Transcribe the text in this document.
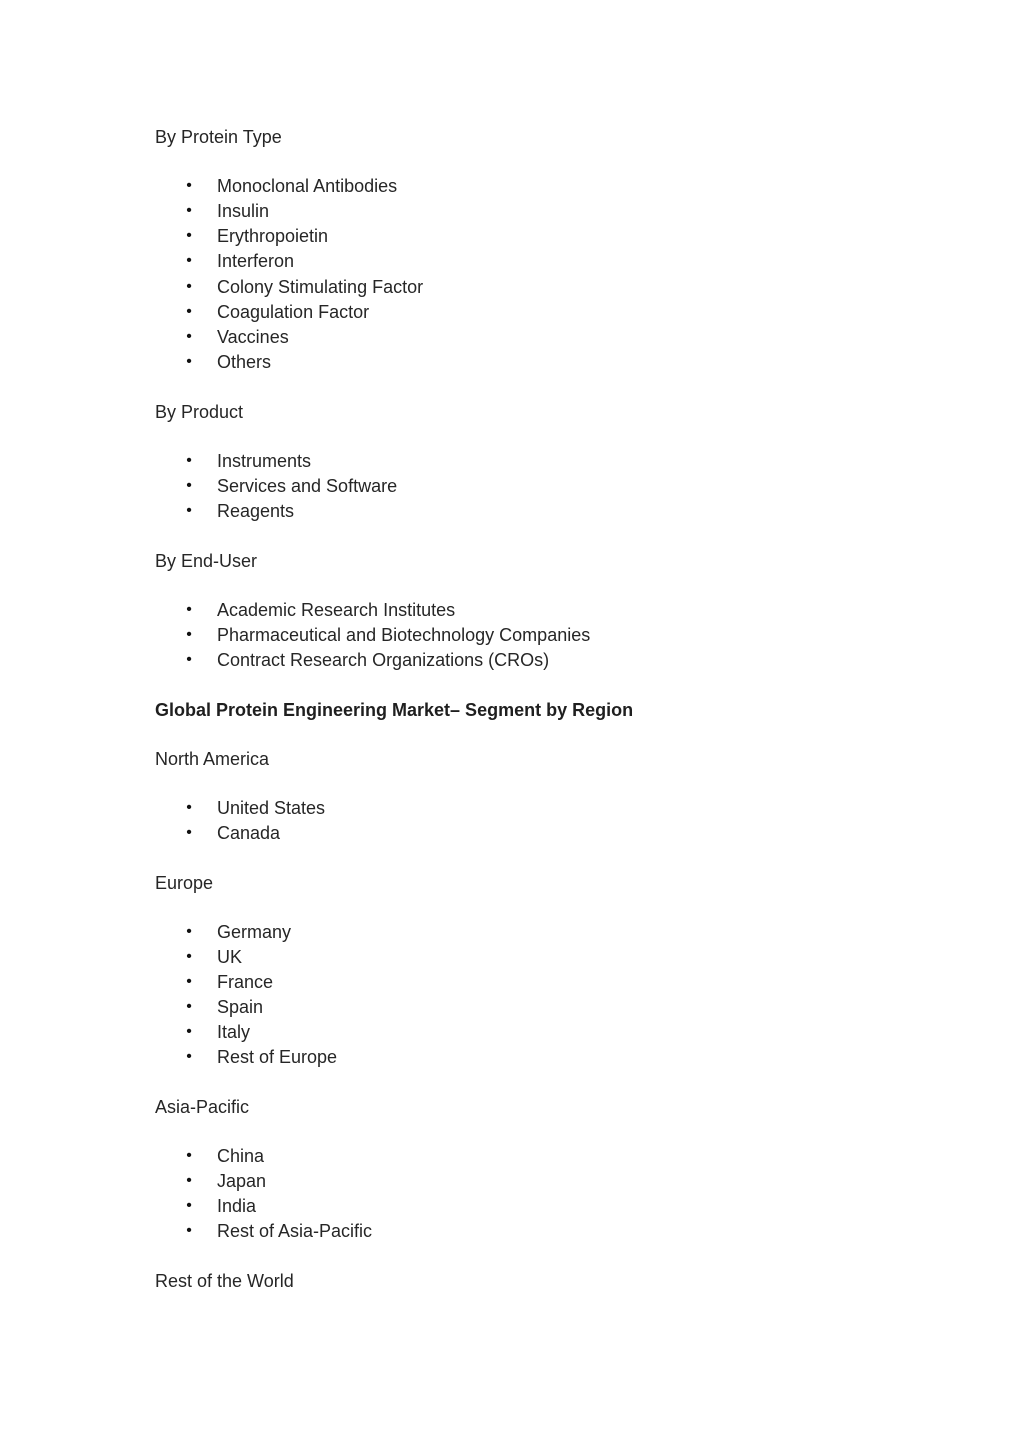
By Protein Type
• Monoclonal Antibodies
• Insulin
• Erythropoietin
• Interferon
• Colony Stimulating Factor
• Coagulation Factor
• Vaccines
• Others
By Product
• Instruments
• Services and Software
• Reagents
By End-User
• Academic Research Institutes
• Pharmaceutical and Biotechnology Companies
• Contract Research Organizations (CROs)
Global Protein Engineering Market– Segment by Region
North America
• United States
• Canada
Europe
• Germany
• UK
• France
• Spain
• Italy
• Rest of Europe
Asia-Pacific
• China
• Japan
• India
• Rest of Asia-Pacific
Rest of the World
